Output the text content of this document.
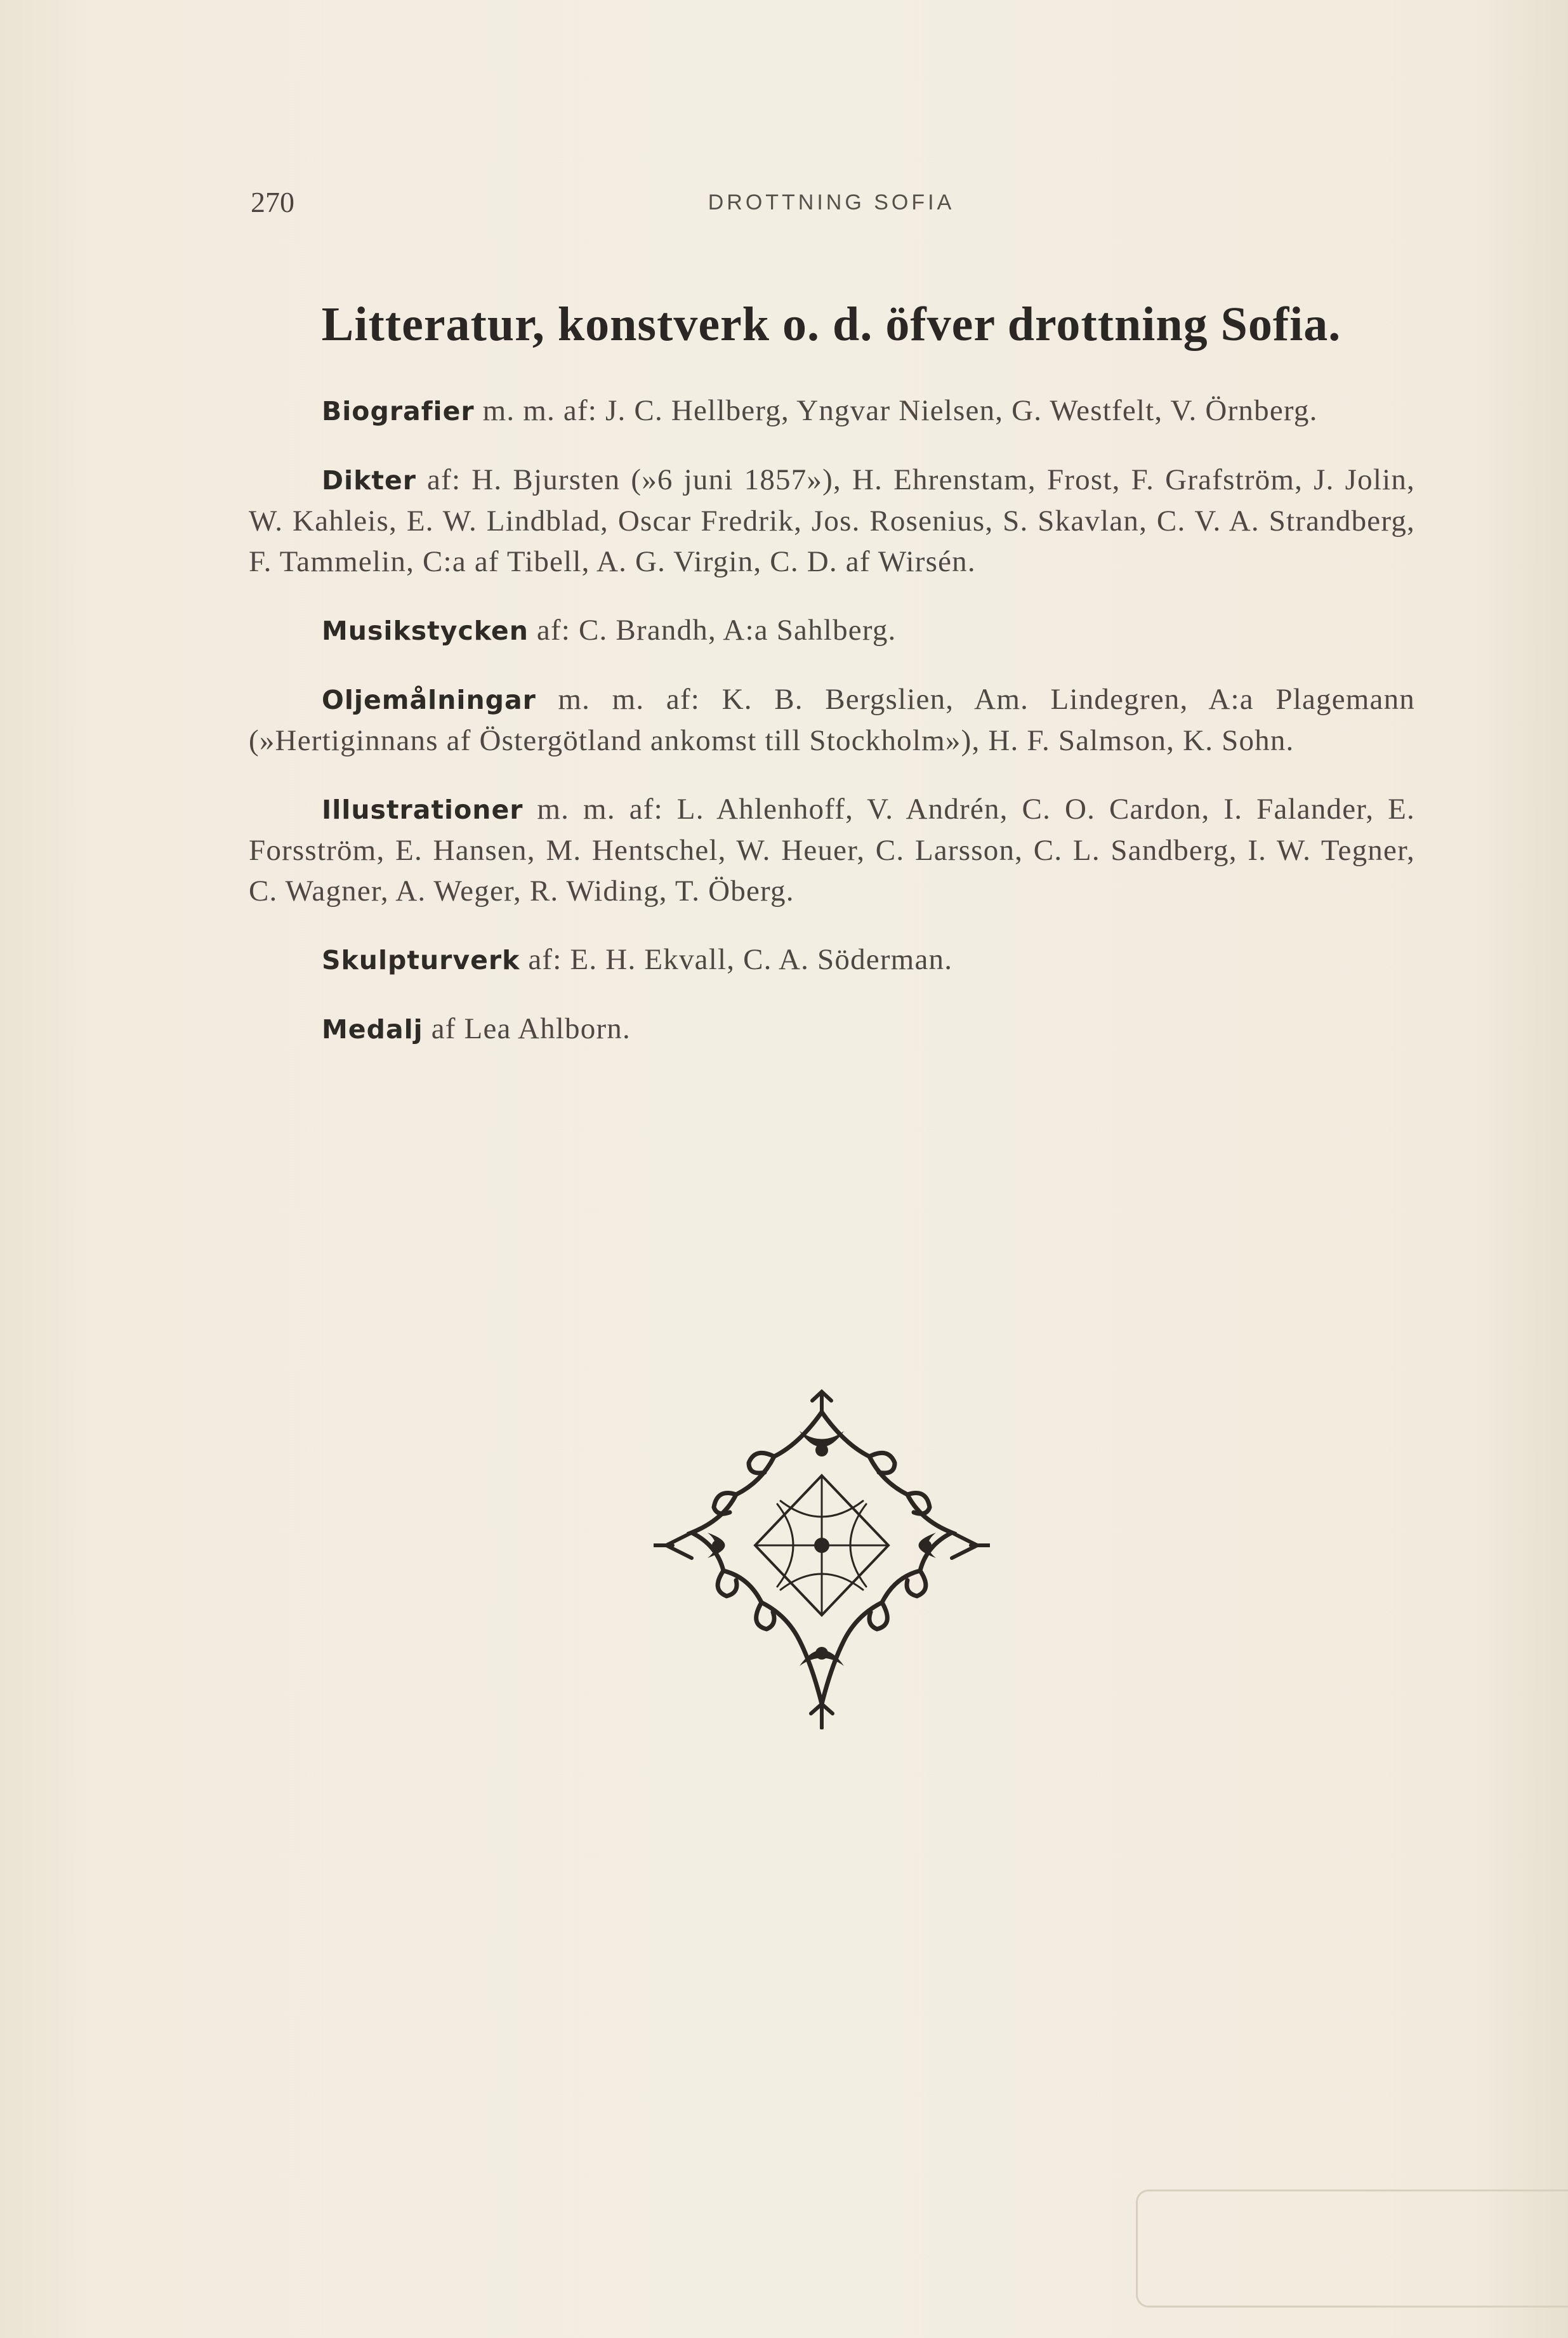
270	DROTTNING SOFIA
Litteratur, konstverk o. d. öfver drottning Sofia.

Biografier m. m. af: J. C. Hellberg, Yngvar Nielsen, G. Westfelt, V. Örnberg.

Dikter af: H. Bjursten (»6 juni 1857»), H. Ehrenstam, Frost, F. Grafström, J. Jolin, W. Kahleis, E. W. Lindblad, Oscar Fredrik, Jos. Rosenius, S. Skavlan, C. V. A. Strandberg, F. Tammelin, C:a af Tibell, A. G. Virgin, C. D. af Wirsén.

Musikstycken af: C. Brandh, A:a Sahlberg.

Oljemålningar m. m. af: K. B. Bergslien, Am. Lindegren, A:a Plagemann (»Hertiginnans af Östergötland ankomst till Stockholm»), H. F. Salmson, K. Sohn.

Illustrationer m. m. af: L. Ahlenhoff, V. Andrén, C. O. Cardon, I. Falander, E. Forsström, E. Hansen, M. Hentschel, W. Heuer, C. Larsson, C. L. Sandberg, I. W. Tegner, C. Wagner, A. Weger, R. Widing, T. Öberg.

Skulpturverk af: E. H. Ekvall, C. A. Söderman.

Medalj af Lea Ahlborn.
